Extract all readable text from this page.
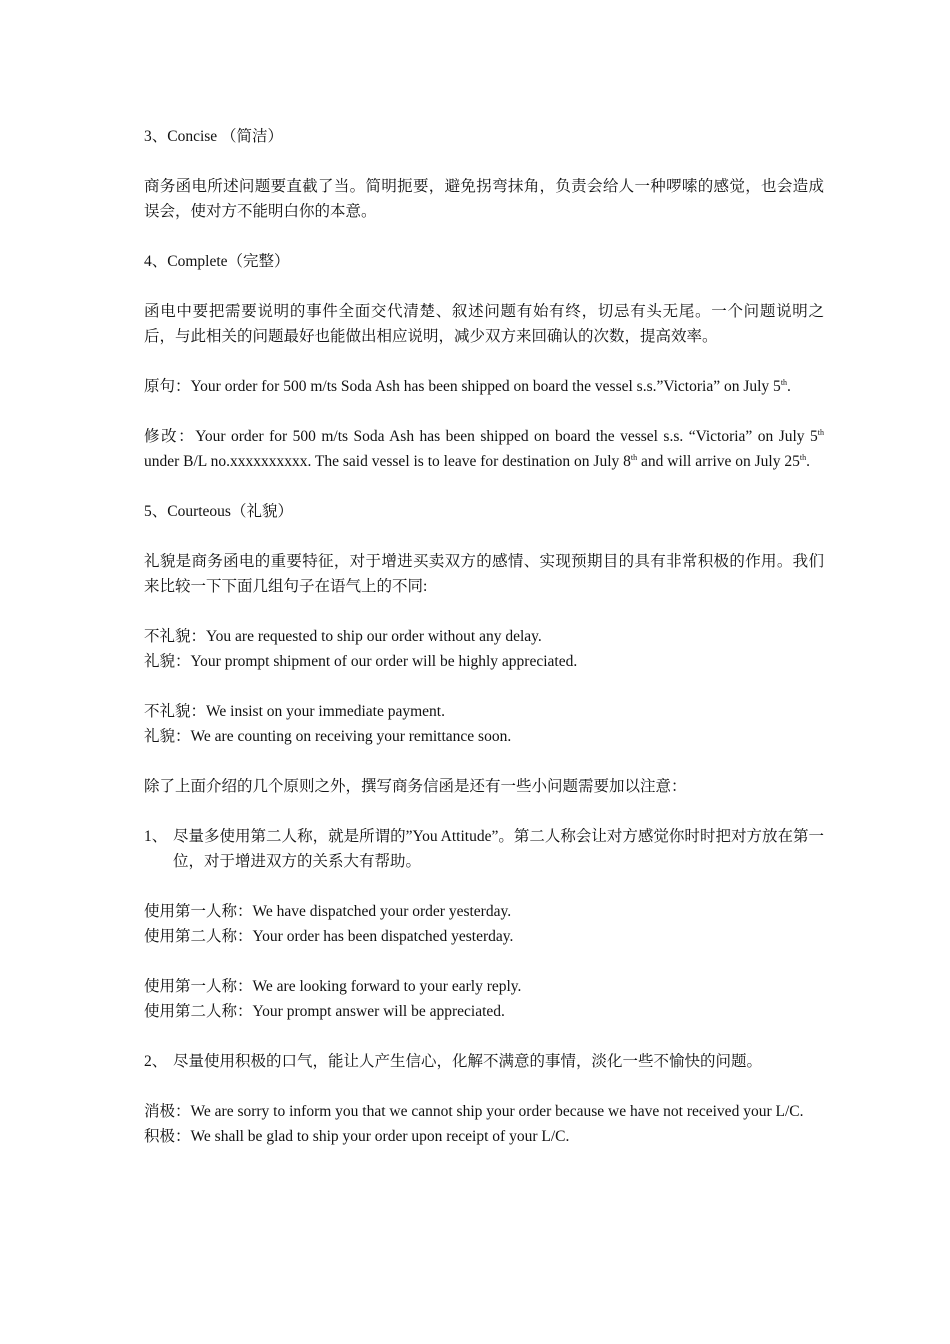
3、Concise （简洁）

商务函电所述问题要直截了当。简明扼要，避免拐弯抹角，负责会给人一种啰嗦的感觉，也会造成误会，使对方不能明白你的本意。

4、Complete（完整）

函电中要把需要说明的事件全面交代清楚、叙述问题有始有终，切忌有头无尾。一个问题说明之后，与此相关的问题最好也能做出相应说明，减少双方来回确认的次数，提高效率。

原句：Your order for 500 m/ts Soda Ash has been shipped on board the vessel s.s.”Victoria” on July 5th.

修改：Your order for 500 m/ts Soda Ash has been shipped on board the vessel s.s. “Victoria” on July 5th under B/L no.xxxxxxxxxx. The said vessel is to leave for destination on July 8th and will arrive on July 25th.

5、Courteous（礼貌）

礼貌是商务函电的重要特征，对于增进买卖双方的感情、实现预期目的具有非常积极的作用。我们来比较一下下面几组句子在语气上的不同:

不礼貌：You are requested to ship our order without any delay.

礼貌：Your prompt shipment of our order will be highly appreciated.

不礼貌：We insist on your immediate payment.

礼貌：We are counting on receiving your remittance soon.

除了上面介绍的几个原则之外，撰写商务信函是还有一些小问题需要加以注意：

1、 尽量多使用第二人称，就是所谓的”You Attitude”。第二人称会让对方感觉你时时把对方放在第一位，对于增进双方的关系大有帮助。

使用第一人称：We have dispatched your order yesterday.

使用第二人称：Your order has been dispatched yesterday.

使用第一人称：We are looking forward to your early reply.

使用第二人称：Your prompt answer will be appreciated.

2、 尽量使用积极的口气，能让人产生信心，化解不满意的事情，淡化一些不愉快的问题。

消极：We are sorry to inform you that we cannot ship your order because we have not received your L/C.

积极：We shall be glad to ship your order upon receipt of your L/C.
